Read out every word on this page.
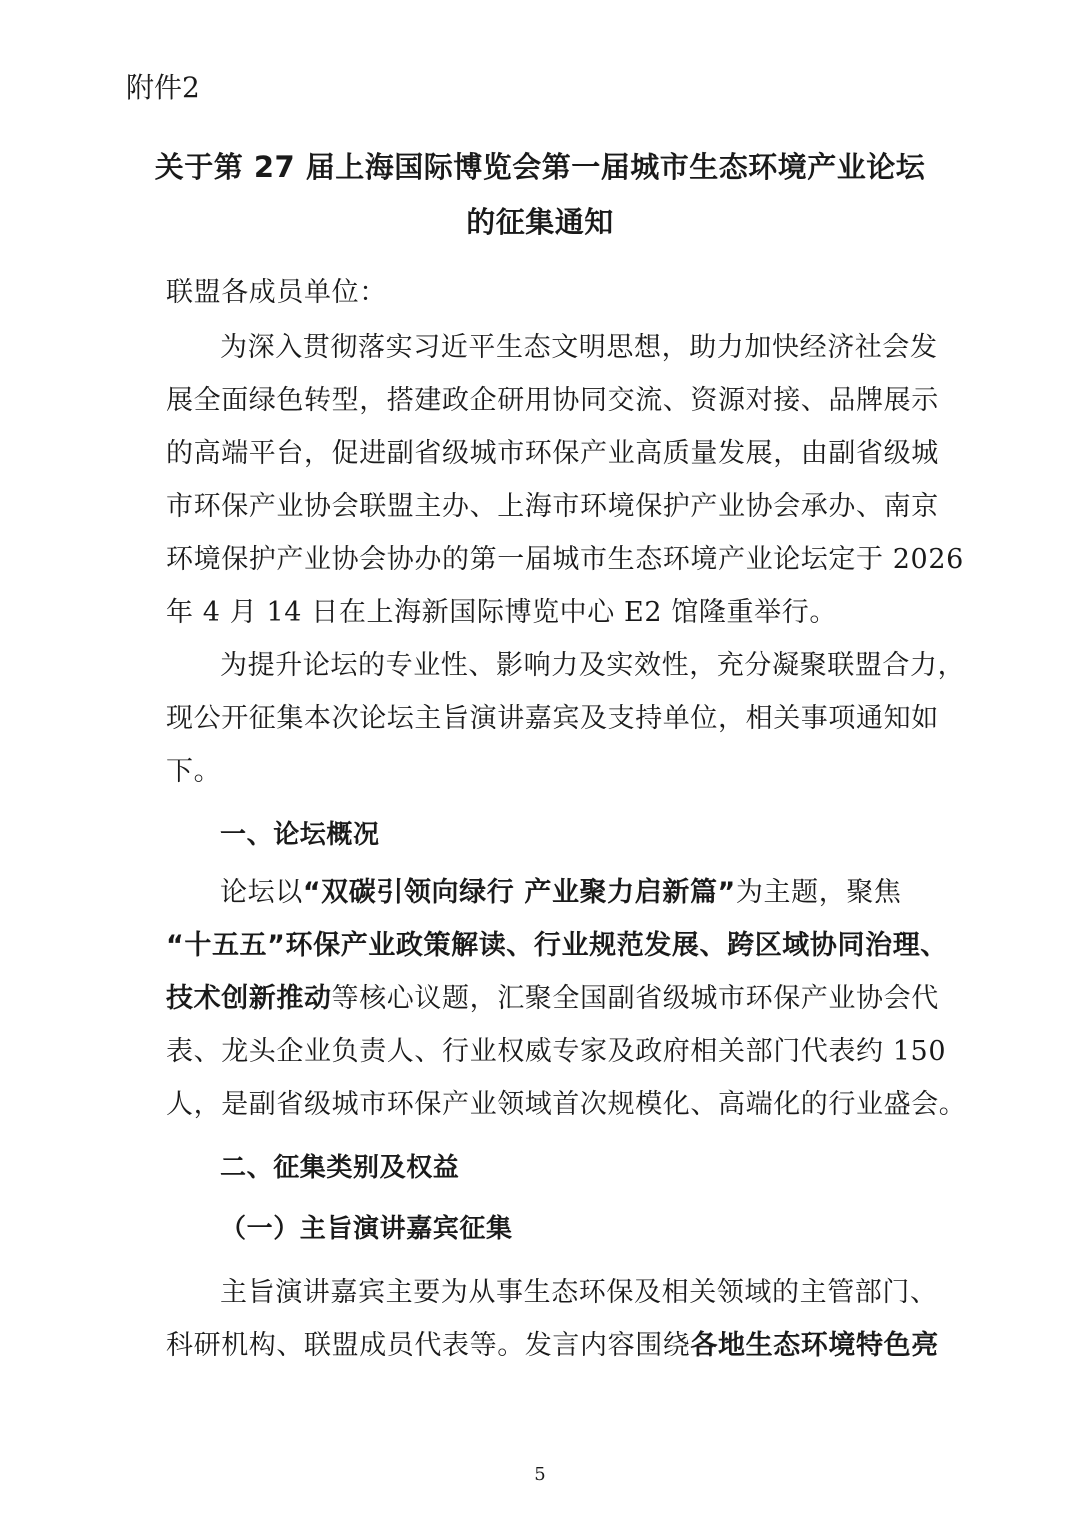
附件2
关于第 27 届上海国际博览会第一届城市生态环境产业论坛
的征集通知
联盟各成员单位：
为深入贯彻落实习近平生态文明思想，助力加快经济社会发
展全面绿色转型，搭建政企研用协同交流、资源对接、品牌展示
的高端平台，促进副省级城市环保产业高质量发展，由副省级城
市环保产业协会联盟主办、上海市环境保护产业协会承办、南京
环境保护产业协会协办的第一届城市生态环境产业论坛定于 2026
年 4 月 14 日在上海新国际博览中心 E2 馆隆重举行。
为提升论坛的专业性、影响力及实效性，充分凝聚联盟合力，
现公开征集本次论坛主旨演讲嘉宾及支持单位，相关事项通知如
下。
一、论坛概况
论坛以“双碳引领向绿行 产业聚力启新篇”为主题，聚焦
“十五五”环保产业政策解读、行业规范发展、跨区域协同治理、
技术创新推动等核心议题，汇聚全国副省级城市环保产业协会代
表、龙头企业负责人、行业权威专家及政府相关部门代表约 150
人，是副省级城市环保产业领域首次规模化、高端化的行业盛会。
二、征集类别及权益
（一）主旨演讲嘉宾征集
主旨演讲嘉宾主要为从事生态环保及相关领域的主管部门、
科研机构、联盟成员代表等。发言内容围绕各地生态环境特色亮
5
